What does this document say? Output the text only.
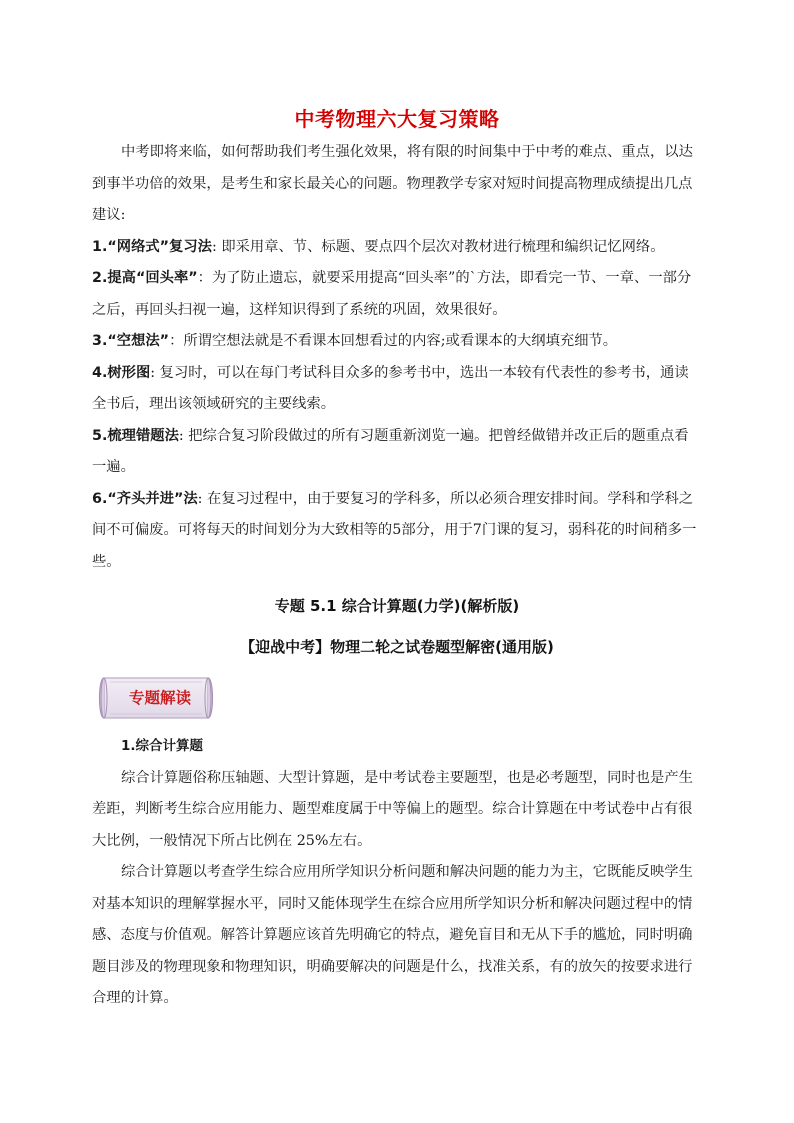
中考物理六大复习策略

中考即将来临，如何帮助我们考生强化效果，将有限的时间集中于中考的难点、重点，以达到事半功倍的效果，是考生和家长最关心的问题。物理教学专家对短时间提高物理成绩提出几点建议:

1.“网络式”复习法: 即采用章、节、标题、要点四个层次对教材进行梳理和编织记忆网络。

2.提高“回头率”：为了防止遗忘，就要采用提高“回头率”的`方法，即看完一节、一章、一部分之后，再回头扫视一遍，这样知识得到了系统的巩固，效果很好。

3.“空想法”：所谓空想法就是不看课本回想看过的内容;或看课本的大纲填充细节。

4.树形图: 复习时，可以在每门考试科目众多的参考书中，选出一本较有代表性的参考书，通读全书后，理出该领域研究的主要线索。

5.梳理错题法: 把综合复习阶段做过的所有习题重新浏览一遍。把曾经做错并改正后的题重点看一遍。

6.“齐头并进”法: 在复习过程中，由于要复习的学科多，所以必须合理安排时间。学科和学科之间不可偏废。可将每天的时间划分为大致相等的5部分，用于7门课的复习，弱科花的时间稍多一些。

专题 5.1 综合计算题(力学)(解析版)
【迎战中考】物理二轮之试卷题型解密(通用版)
专题解读

1.综合计算题

综合计算题俗称压轴题、大型计算题，是中考试卷主要题型，也是必考题型，同时也是产生差距，判断考生综合应用能力、题型难度属于中等偏上的题型。综合计算题在中考试卷中占有很大比例，一般情况下所占比例在 25%左右。

综合计算题以考查学生综合应用所学知识分析问题和解决问题的能力为主，它既能反映学生对基本知识的理解掌握水平，同时又能体现学生在综合应用所学知识分析和解决问题过程中的情感、态度与价值观。解答计算题应该首先明确它的特点，避免盲目和无从下手的尴尬，同时明确题目涉及的物理现象和物理知识，明确要解决的问题是什么，找准关系，有的放矢的按要求进行合理的计算。
